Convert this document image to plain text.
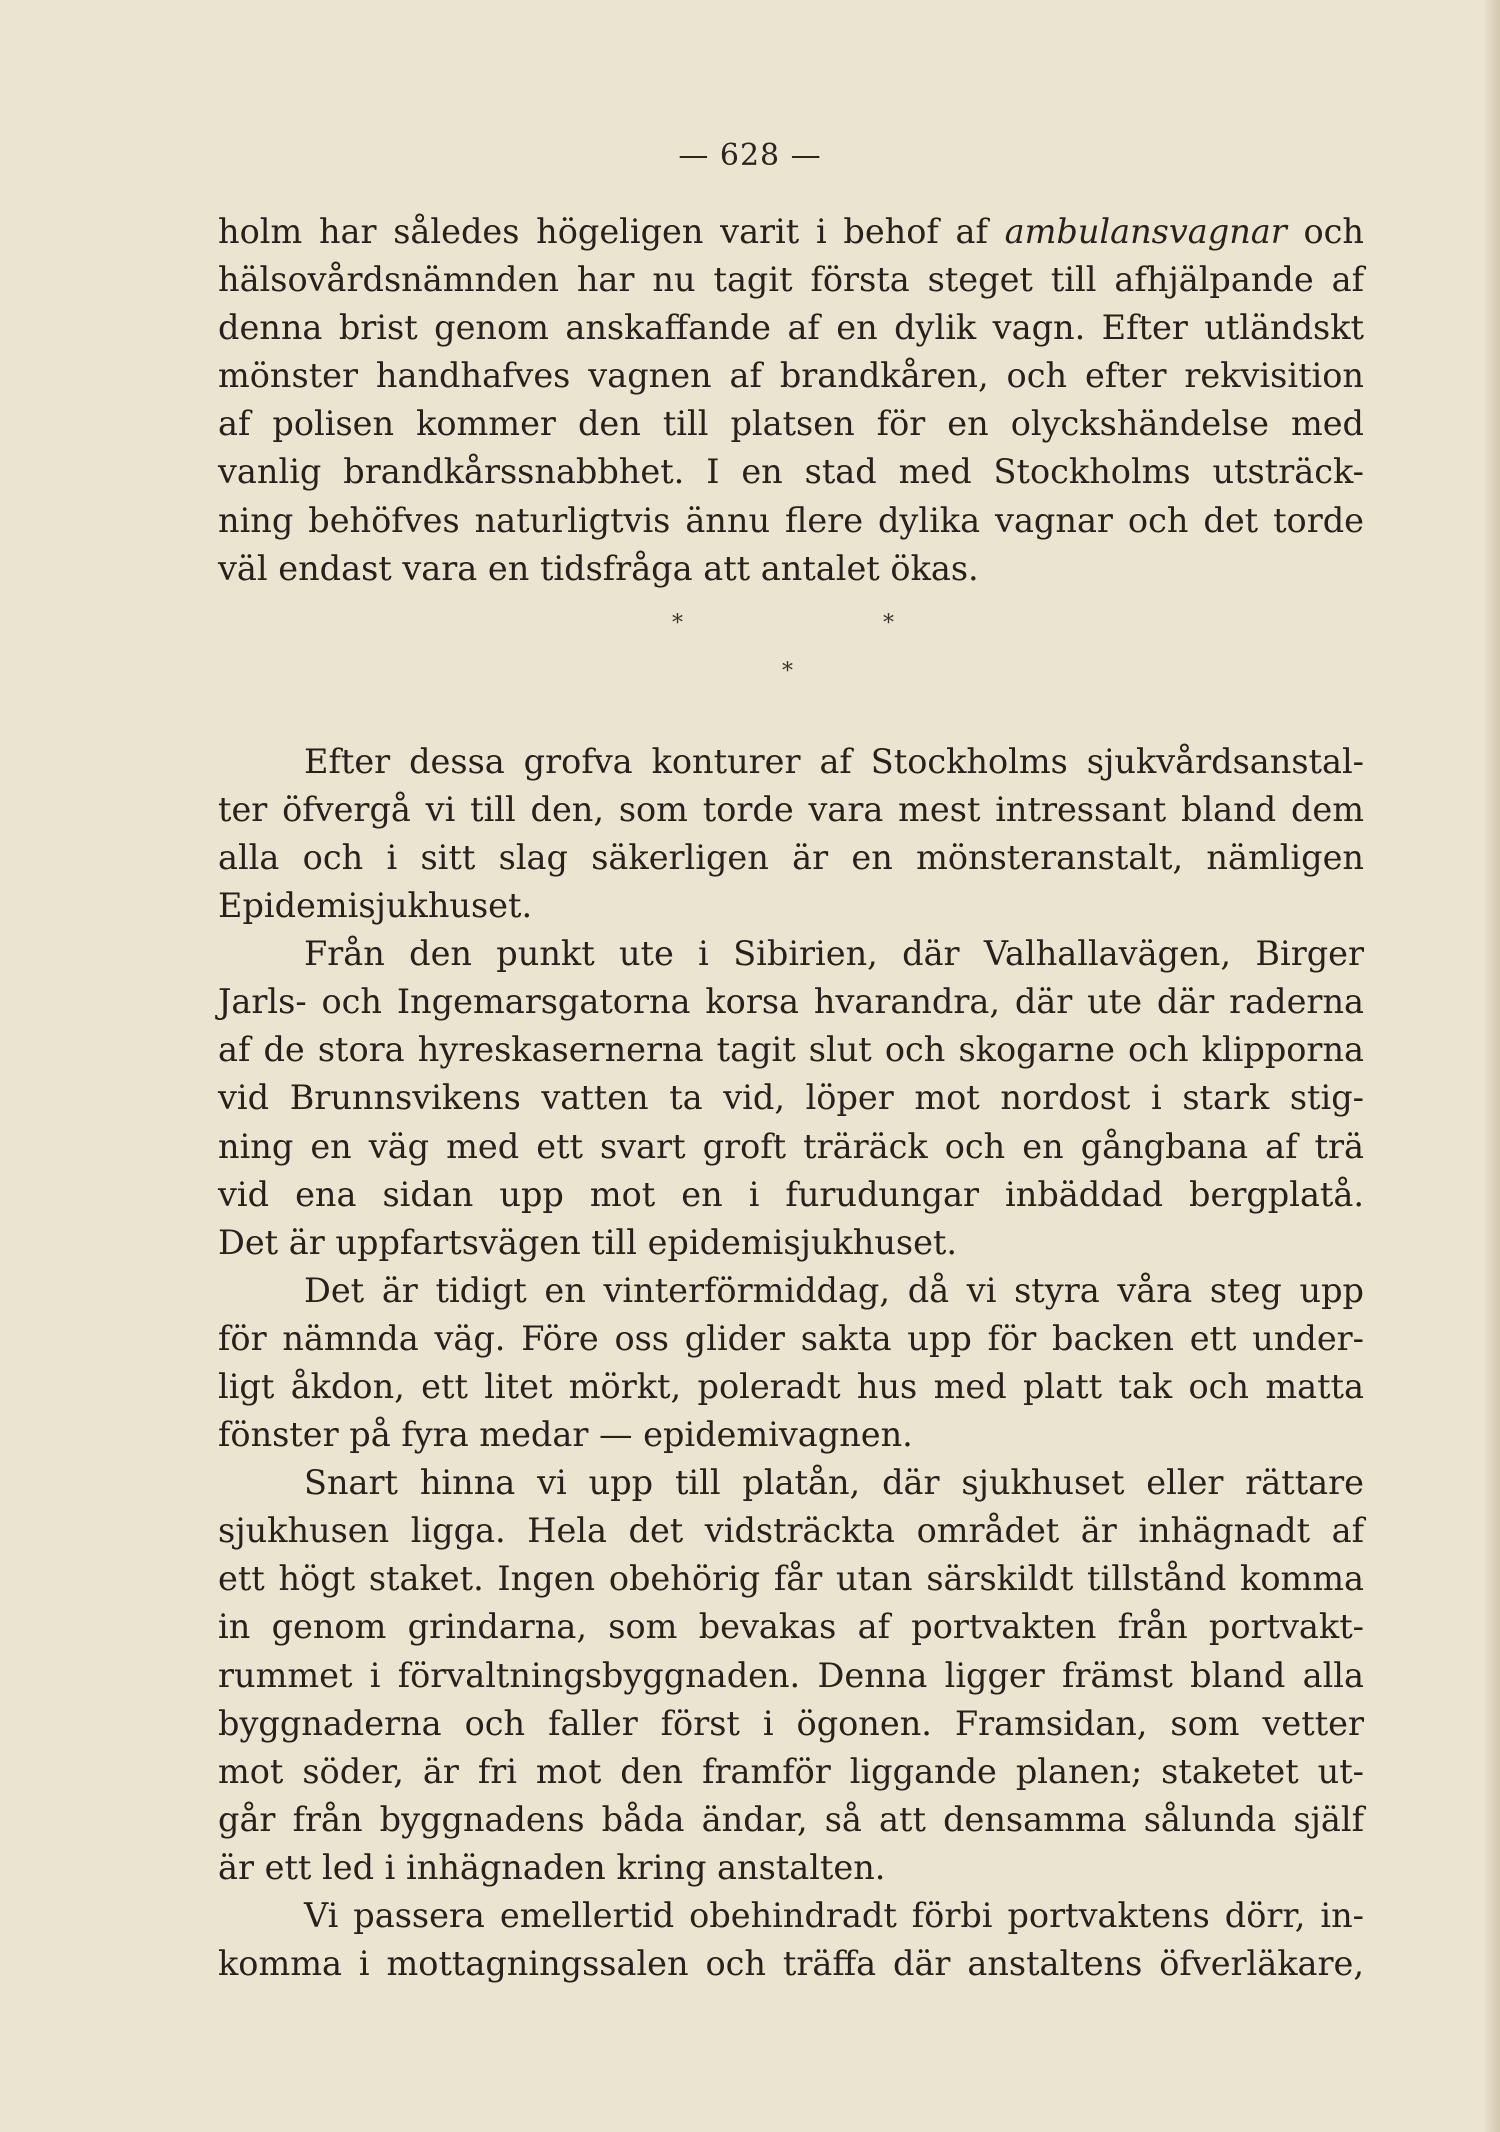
— 628 —
holm har således högeligen varit i behof af ambulansvagnar och
hälsovårdsnämnden har nu tagit första steget till afhjälpande af
denna brist genom anskaffande af en dylik vagn. Efter utländskt
mönster handhafves vagnen af brandkåren, och efter rekvisition
af polisen kommer den till platsen för en olyckshändelse med
vanlig brandkårssnabbhet. I en stad med Stockholms utsträck-
ning behöfves naturligtvis ännu flere dylika vagnar och det torde
väl endast vara en tidsfråga att antalet ökas.
*	*
*
Efter dessa grofva konturer af Stockholms sjukvårdsanstal-
ter öfvergå vi till den, som torde vara mest intressant bland dem
alla och i sitt slag säkerligen är en mönsteranstalt, nämligen
Epidemisjukhuset.
Från den punkt ute i Sibirien, där Valhallavägen, Birger
Jarls- och Ingemarsgatorna korsa hvarandra, där ute där raderna
af de stora hyreskasernerna tagit slut och skogarne och klipporna
vid Brunnsvikens vatten ta vid, löper mot nordost i stark stig-
ning en väg med ett svart groft träräck och en gångbana af trä
vid ena sidan upp mot en i furudungar inbäddad bergplatå.
Det är uppfartsvägen till epidemisjukhuset.
Det är tidigt en vinterförmiddag, då vi styra våra steg upp
för nämnda väg. Före oss glider sakta upp för backen ett under-
ligt åkdon, ett litet mörkt, poleradt hus med platt tak och matta
fönster på fyra medar — epidemivagnen.
Snart hinna vi upp till platån, där sjukhuset eller rättare
sjukhusen ligga. Hela det vidsträckta området är inhägnadt af
ett högt staket. Ingen obehörig får utan särskildt tillstånd komma
in genom grindarna, som bevakas af portvakten från portvakt-
rummet i förvaltningsbyggnaden. Denna ligger främst bland alla
byggnaderna och faller först i ögonen. Framsidan, som vetter
mot söder, är fri mot den framför liggande planen; staketet ut-
går från byggnadens båda ändar, så att densamma sålunda själf
är ett led i inhägnaden kring anstalten.
Vi passera emellertid obehindradt förbi portvaktens dörr, in-
komma i mottagningssalen och träffa där anstaltens öfverläkare,
